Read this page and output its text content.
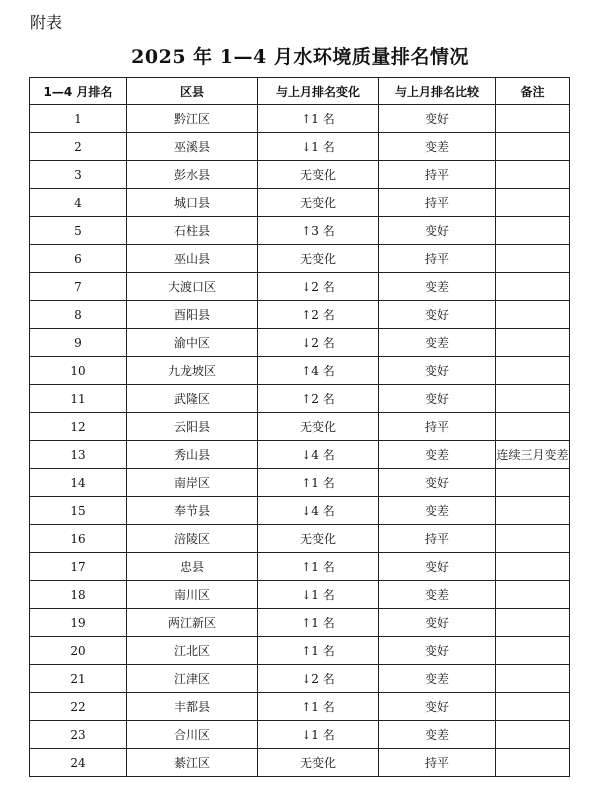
附表
2025 年 1—4 月水环境质量排名情况
1—4 月排名	区县	与上月排名变化	与上月排名比较	备注
1	黔江区	↑1 名	变好	
2	巫溪县	↓1 名	变差	
3	彭水县	无变化	持平	
4	城口县	无变化	持平	
5	石柱县	↑3 名	变好	
6	巫山县	无变化	持平	
7	大渡口区	↓2 名	变差	
8	酉阳县	↑2 名	变好	
9	渝中区	↓2 名	变差	
10	九龙坡区	↑4 名	变好	
11	武隆区	↑2 名	变好	
12	云阳县	无变化	持平	
13	秀山县	↓4 名	变差	连续三月变差
14	南岸区	↑1 名	变好	
15	奉节县	↓4 名	变差	
16	涪陵区	无变化	持平	
17	忠县	↑1 名	变好	
18	南川区	↓1 名	变差	
19	两江新区	↑1 名	变好	
20	江北区	↑1 名	变好	
21	江津区	↓2 名	变差	
22	丰都县	↑1 名	变好	
23	合川区	↓1 名	变差	
24	綦江区	无变化	持平	
